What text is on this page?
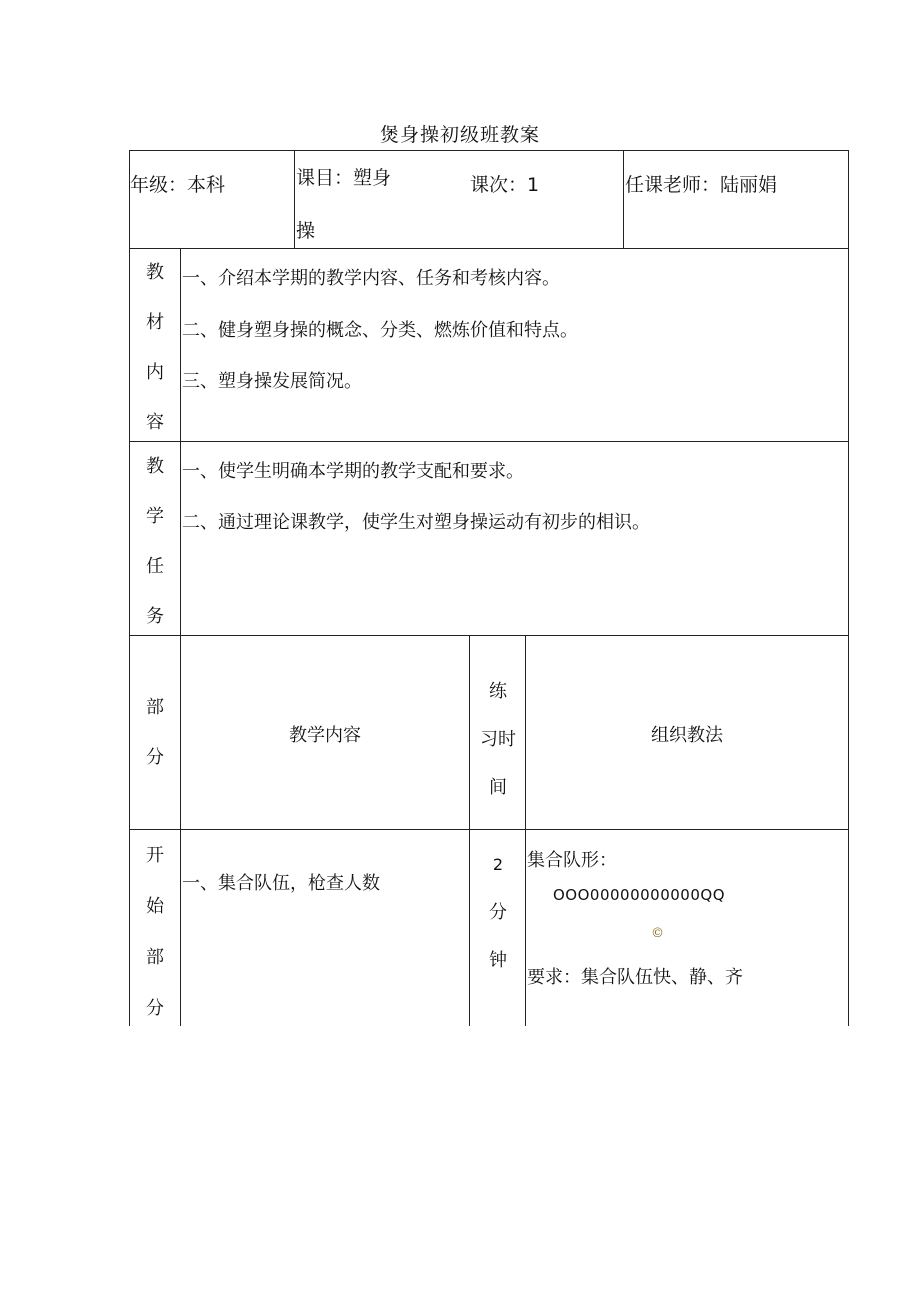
煲身操初级班教案
年级：本科	课目：塑身
操
课次：1	任课老师：陆丽娟
教
材
内
容
一、介绍本学期的教学内容、任务和考核内容。
二、健身塑身操的概念、分类、燃炼价值和特点。
三、塑身操发展简况。
教
学
任
务
一、使学生明确本学期的教学支配和要求。
二、通过理论课教学，使学生对塑身操运动有初步的相识。
部
分
教学内容
练
习时
间
组织教法
开
始
部
分
一、集合队伍，枪查人数
2
分
钟
集合队形：
OOO00000000000QQ
©
要求：集合队伍快、静、齐
